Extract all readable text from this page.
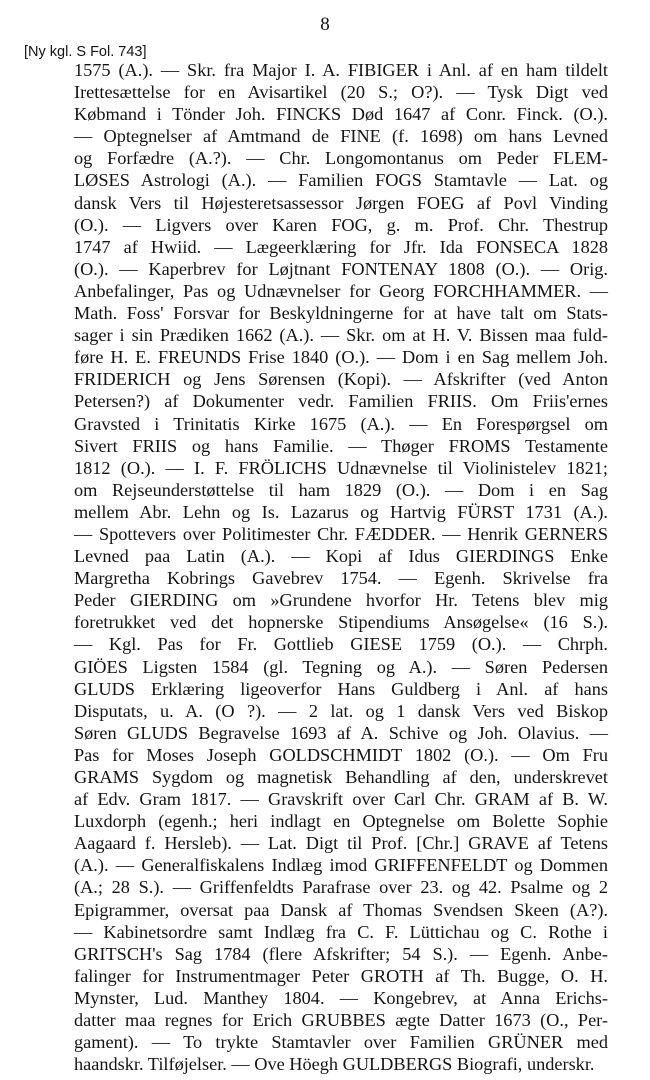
8
[Ny kgl. S Fol. 743]
1575 (A.). — Skr. fra Major I. A. FIBIGER i Anl. af en ham tildelt
Irettesættelse for en Avisartikel (20 S.; O?). — Tysk Digt ved
Købmand i Tönder Joh. FINCKS Død 1647 af Conr. Finck. (O.).
— Optegnelser af Amtmand de FINE (f. 1698) om hans Levned
og Forfædre (A.?). — Chr. Longomontanus om Peder FLEM-
LØSES Astrologi (A.). — Familien FOGS Stamtavle — Lat. og
dansk Vers til Højesteretsassessor Jørgen FOEG af Povl Vinding
(O.). — Ligvers over Karen FOG, g. m. Prof. Chr. Thestrup
1747 af Hwiid. — Lægeerklæring for Jfr. Ida FONSECA 1828
(O.). — Kaperbrev for Løjtnant FONTENAY 1808 (O.). — Orig.
Anbefalinger, Pas og Udnævnelser for Georg FORCHHAMMER. —
Math. Foss' Forsvar for Beskyldningerne for at have talt om Stats-
sager i sin Prædiken 1662 (A.). — Skr. om at H. V. Bissen maa fuld-
føre H. E. FREUNDS Frise 1840 (O.). — Dom i en Sag mellem Joh.
FRIDERICH og Jens Sørensen (Kopi). — Afskrifter (ved Anton
Petersen?) af Dokumenter vedr. Familien FRIIS. Om Friis'ernes
Gravsted i Trinitatis Kirke 1675 (A.). — En Forespørgsel om
Sivert FRIIS og hans Familie. — Thøger FROMS Testamente
1812 (O.). — I. F. FRÖLICHS Udnævnelse til Violinistelev 1821;
om Rejseunderstøttelse til ham 1829 (O.). — Dom i en Sag
mellem Abr. Lehn og Is. Lazarus og Hartvig FÜRST 1731 (A.).
— Spottevers over Politimester Chr. FÆDDER. — Henrik GERNERS
Levned paa Latin (A.). — Kopi af Idus GIERDINGS Enke
Margretha Kobrings Gavebrev 1754. — Egenh. Skrivelse fra
Peder GIERDING om »Grundene hvorfor Hr. Tetens blev mig
foretrukket ved det hopnerske Stipendiums Ansøgelse« (16 S.).
— Kgl. Pas for Fr. Gottlieb GIESE 1759 (O.). — Chrph.
GIÖES Ligsten 1584 (gl. Tegning og A.). — Søren Pedersen
GLUDS Erklæring ligeoverfor Hans Guldberg i Anl. af hans
Disputats, u. A. (O ?). — 2 lat. og 1 dansk Vers ved Biskop
Søren GLUDS Begravelse 1693 af A. Schive og Joh. Olavius. —
Pas for Moses Joseph GOLDSCHMIDT 1802 (O.). — Om Fru
GRAMS Sygdom og magnetisk Behandling af den, underskrevet
af Edv. Gram 1817. — Gravskrift over Carl Chr. GRAM af B. W.
Luxdorph (egenh.; heri indlagt en Optegnelse om Bolette Sophie
Aagaard f. Hersleb). — Lat. Digt til Prof. [Chr.] GRAVE af Tetens
(A.). — Generalfiskalens Indlæg imod GRIFFENFELDT og Dommen
(A.; 28 S.). — Griffenfeldts Parafrase over 23. og 42. Psalme og 2
Epigrammer, oversat paa Dansk af Thomas Svendsen Skeen (A?).
— Kabinetsordre samt Indlæg fra C. F. Lüttichau og C. Rothe i
GRITSCH's Sag 1784 (flere Afskrifter; 54 S.). — Egenh. Anbe-
falinger for Instrumentmager Peter GROTH af Th. Bugge, O. H.
Mynster, Lud. Manthey 1804. — Kongebrev, at Anna Erichs-
datter maa regnes for Erich GRUBBES ægte Datter 1673 (O., Per-
gament). — To trykte Stamtavler over Familien GRÜNER med
haandskr. Tilføjelser. — Ove Höegh GULDBERGS Biografi, underskr.
